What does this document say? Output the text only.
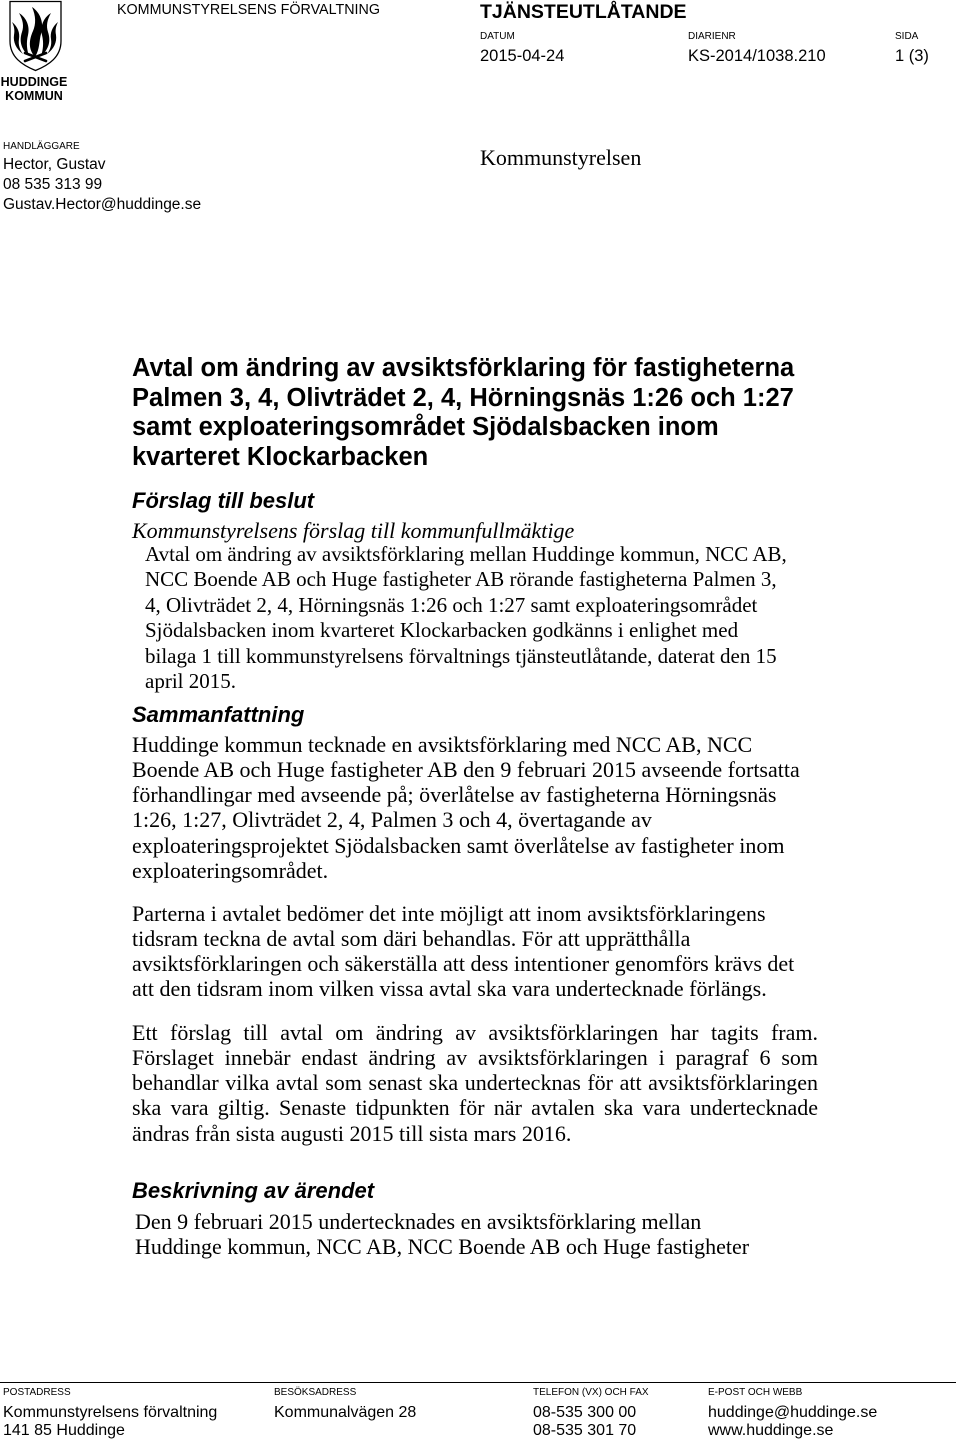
HUDDINGE
KOMMUN
KOMMUNSTYRELSENS FÖRVALTNING	TJÄNSTEUTLÅTANDE
DATUM
2015-04-24
DIARIENR
KS-2014/1038.210
SIDA
1 (3)
HANDLÄGGARE
Hector, Gustav
08 535 313 99
Gustav.Hector@huddinge.se
Kommunstyrelsen
Avtal om ändring av avsiktsförklaring för fastigheterna
Palmen 3, 4, Olivträdet 2, 4, Hörningsnäs 1:26 och 1:27
samt exploateringsområdet Sjödalsbacken inom
kvarteret Klockarbacken
Förslag till beslut
Kommunstyrelsens förslag till kommunfullmäktige
Avtal om ändring av avsiktsförklaring mellan Huddinge kommun, NCC AB,
NCC Boende AB och Huge fastigheter AB rörande fastigheterna Palmen 3,
4, Olivträdet 2, 4, Hörningsnäs 1:26 och 1:27 samt exploateringsområdet
Sjödalsbacken inom kvarteret Klockarbacken godkänns i enlighet med
bilaga 1 till kommunstyrelsens förvaltnings tjänsteutlåtande, daterat den 15
april 2015.
Sammanfattning
Huddinge kommun tecknade en avsiktsförklaring med NCC AB, NCC
Boende AB och Huge fastigheter AB den 9 februari 2015 avseende fortsatta
förhandlingar med avseende på; överlåtelse av fastigheterna Hörningsnäs
1:26, 1:27, Olivträdet 2, 4, Palmen 3 och 4, övertagande av
exploateringsprojektet Sjödalsbacken samt överlåtelse av fastigheter inom
exploateringsområdet.
Parterna i avtalet bedömer det inte möjligt att inom avsiktsförklaringens
tidsram teckna de avtal som däri behandlas. För att upprätthålla
avsiktsförklaringen och säkerställa att dess intentioner genomförs krävs det
att den tidsram inom vilken vissa avtal ska vara undertecknade förlängs.
Ett förslag till avtal om ändring av avsiktsförklaringen har tagits fram.
Förslaget innebär endast ändring av avsiktsförklaringen i paragraf 6 som
behandlar vilka avtal som senast ska undertecknas för att avsiktsförklaringen
ska vara giltig. Senaste tidpunkten för när avtalen ska vara undertecknade
ändras från sista augusti 2015 till sista mars 2016.
Beskrivning av ärendet
Den 9 februari 2015 undertecknades en avsiktsförklaring mellan
Huddinge kommun, NCC AB, NCC Boende AB och Huge fastigheter
POSTADRESS
Kommunstyrelsens förvaltning
141 85 Huddinge
BESÖKSADRESS
Kommunalvägen 28
TELEFON (VX) OCH FAX
08-535 300 00
08-535 301 70
E-POST OCH WEBB
huddinge@huddinge.se
www.huddinge.se
